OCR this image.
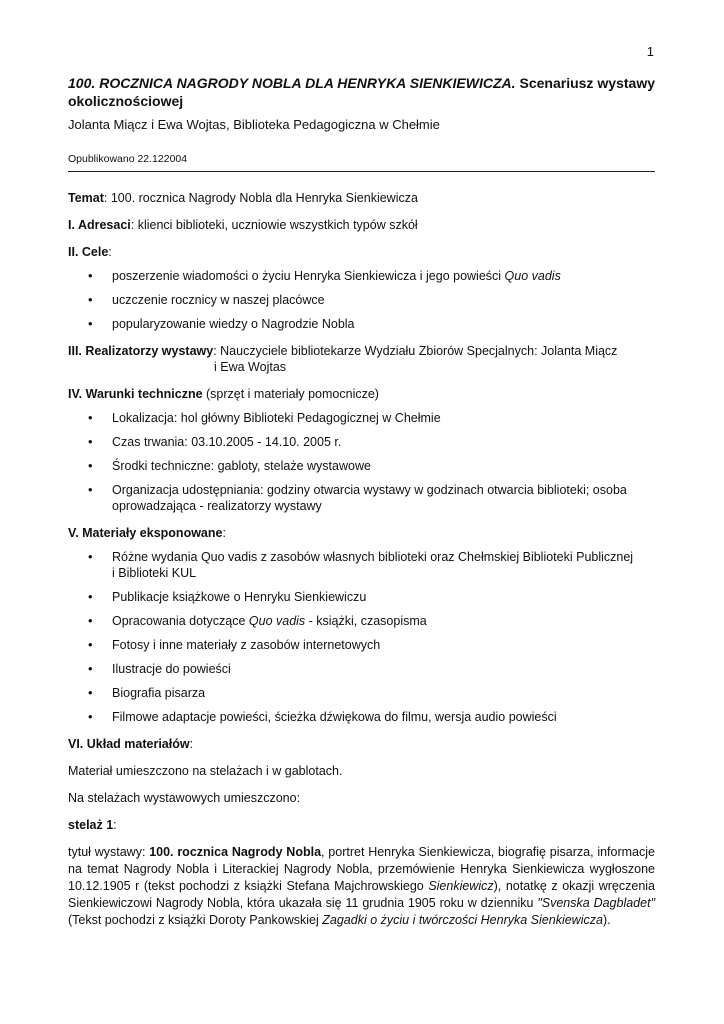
1
100. ROCZNICA NAGRODY NOBLA DLA HENRYKA SIENKIEWICZA. Scenariusz wystawy okolicznościowej
Jolanta Miącz i Ewa Wojtas, Biblioteka Pedagogiczna w Chełmie
Opublikowano 22.122004
Temat: 100. rocznica Nagrody Nobla dla Henryka Sienkiewicza
I. Adresaci: klienci biblioteki, uczniowie wszystkich typów szkół
II. Cele:
• poszerzenie wiadomości o życiu Henryka Sienkiewicza i jego powieści Quo vadis
• uczczenie rocznicy w naszej placówce
• popularyzowanie wiedzy o Nagrodzie Nobla
III. Realizatorzy wystawy: Nauczyciele bibliotekarze Wydziału Zbiorów Specjalnych: Jolanta Miącz
i Ewa Wojtas
IV. Warunki techniczne (sprzęt i materiały pomocnicze)
• Lokalizacja: hol główny Biblioteki Pedagogicznej w Chełmie
• Czas trwania: 03.10.2005 - 14.10. 2005 r.
• Środki techniczne: gabloty, stelaże wystawowe
• Organizacja udostępniania: godziny otwarcia wystawy w godzinach otwarcia biblioteki; osoba oprowadzająca - realizatorzy wystawy
V. Materiały eksponowane:
• Różne wydania Quo vadis z zasobów własnych biblioteki oraz Chełmskiej Biblioteki Publicznej
i Biblioteki KUL
• Publikacje książkowe o Henryku Sienkiewiczu
• Opracowania dotyczące Quo vadis - książki, czasopisma
• Fotosy i inne materiały z zasobów internetowych
• Ilustracje do powieści
• Biografia pisarza
• Filmowe adaptacje powieści, ścieżka dźwiękowa do filmu, wersja audio powieści
VI. Układ materiałów:
Materiał umieszczono na stelażach i w gablotach.
Na stelażach wystawowych umieszczono:
stelaż 1:
tytuł wystawy: 100. rocznica Nagrody Nobla, portret Henryka Sienkiewicza, biografię pisarza, informacje na temat Nagrody Nobla i Literackiej Nagrody Nobla, przemówienie Henryka Sienkiewicza wygłoszone 10.12.1905 r (tekst pochodzi z książki Stefana Majchrowskiego Sienkiewicz), notatkę z okazji wręczenia Sienkiewiczowi Nagrody Nobla, która ukazała się 11 grudnia 1905 roku w dzienniku "Svenska Dagbladet" (Tekst pochodzi z książki Doroty Pankowskiej Zagadki o życiu i twórczości Henryka Sienkiewicza).
